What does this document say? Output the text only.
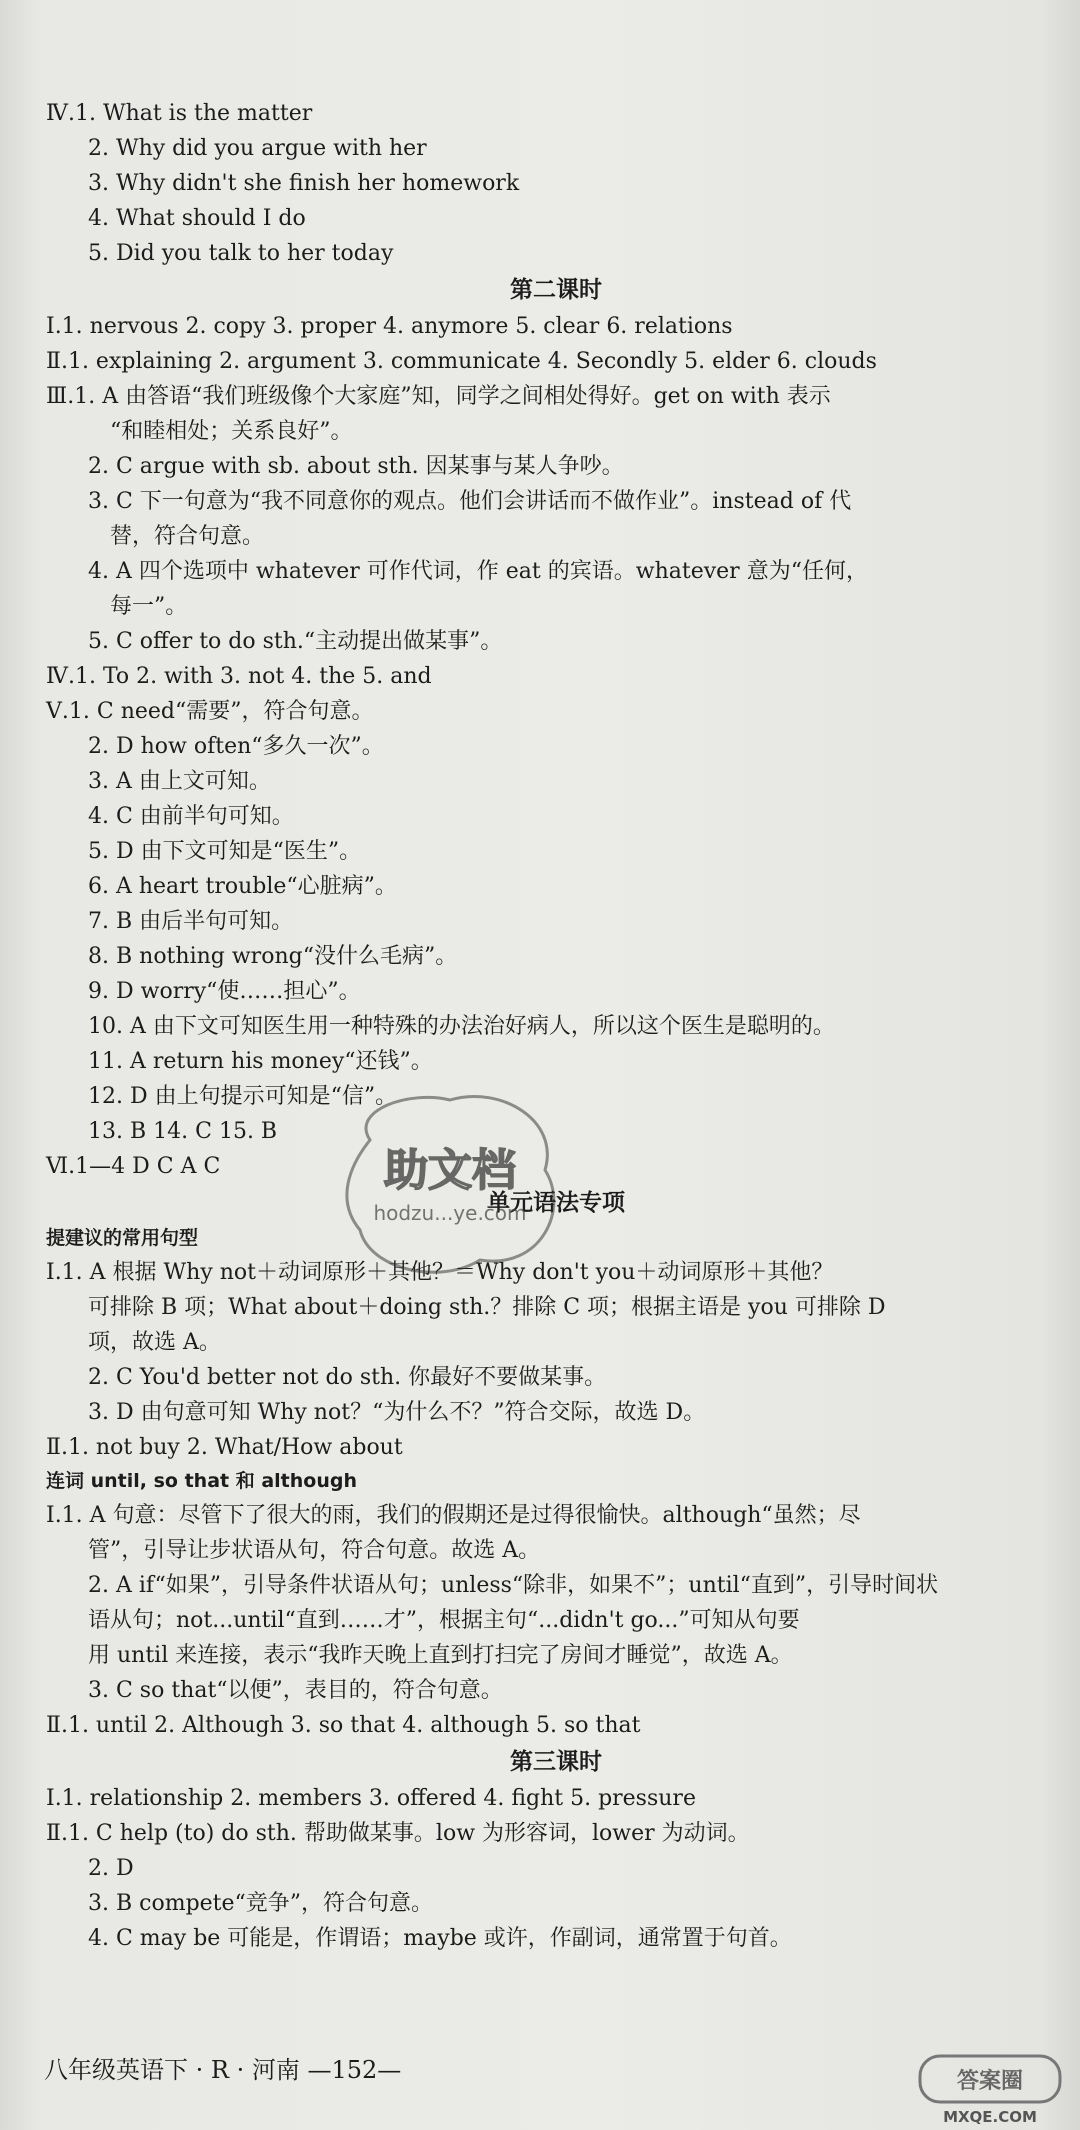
Ⅳ.1. What is the matter
2. Why did you argue with her
3. Why didn't she finish her homework
4. What should I do
5. Did you talk to her today
第二课时
Ⅰ.1. nervous 2. copy 3. proper 4. anymore 5. clear 6. relations
Ⅱ.1. explaining 2. argument 3. communicate 4. Secondly 5. elder 6. clouds
Ⅲ.1. A 由答语“我们班级像个大家庭”知，同学之间相处得好。get on with 表示
“和睦相处；关系良好”。
2. C argue with sb. about sth. 因某事与某人争吵。
3. C 下一句意为“我不同意你的观点。他们会讲话而不做作业”。instead of 代
替，符合句意。
4. A 四个选项中 whatever 可作代词，作 eat 的宾语。whatever 意为“任何，
每一”。
5. C offer to do sth.“主动提出做某事”。
Ⅳ.1. To 2. with 3. not 4. the 5. and
Ⅴ.1. C need“需要”，符合句意。
2. D how often“多久一次”。
3. A 由上文可知。
4. C 由前半句可知。
5. D 由下文可知是“医生”。
6. A heart trouble“心脏病”。
7. B 由后半句可知。
8. B nothing wrong“没什么毛病”。
9. D worry“使……担心”。
10. A 由下文可知医生用一种特殊的办法治好病人，所以这个医生是聪明的。
11. A return his money“还钱”。
12. D 由上句提示可知是“信”。
13. B 14. C 15. B
Ⅵ.1—4 D C A C
单元语法专项
提建议的常用句型
Ⅰ.1. A 根据 Why not＋动词原形＋其他？＝Why don't you＋动词原形＋其他？
可排除 B 项；What about＋doing sth.？排除 C 项；根据主语是 you 可排除 D
项，故选 A。
2. C You'd better not do sth. 你最好不要做某事。
3. D 由句意可知 Why not？“为什么不？”符合交际，故选 D。
Ⅱ.1. not buy 2. What/How about
连词 until, so that 和 although
Ⅰ.1. A 句意：尽管下了很大的雨，我们的假期还是过得很愉快。although“虽然；尽
管”，引导让步状语从句，符合句意。故选 A。
2. A if“如果”，引导条件状语从句；unless“除非，如果不”；until“直到”，引导时间状
语从句；not...until“直到……才”，根据主句“...didn't go...”可知从句要
用 until 来连接，表示“我昨天晚上直到打扫完了房间才睡觉”，故选 A。
3. C so that“以便”，表目的，符合句意。
Ⅱ.1. until 2. Although 3. so that 4. although 5. so that
第三课时
Ⅰ.1. relationship 2. members 3. offered 4. fight 5. pressure
Ⅱ.1. C help (to) do sth. 帮助做某事。low 为形容词，lower 为动词。
2. D
3. B compete“竞争”，符合句意。
4. C may be 可能是，作谓语；maybe 或许，作副词，通常置于句首。
八年级英语下 · R · 河南 —152—
助文档
hodzu...ye.com
答案圈
MXQE.COM
